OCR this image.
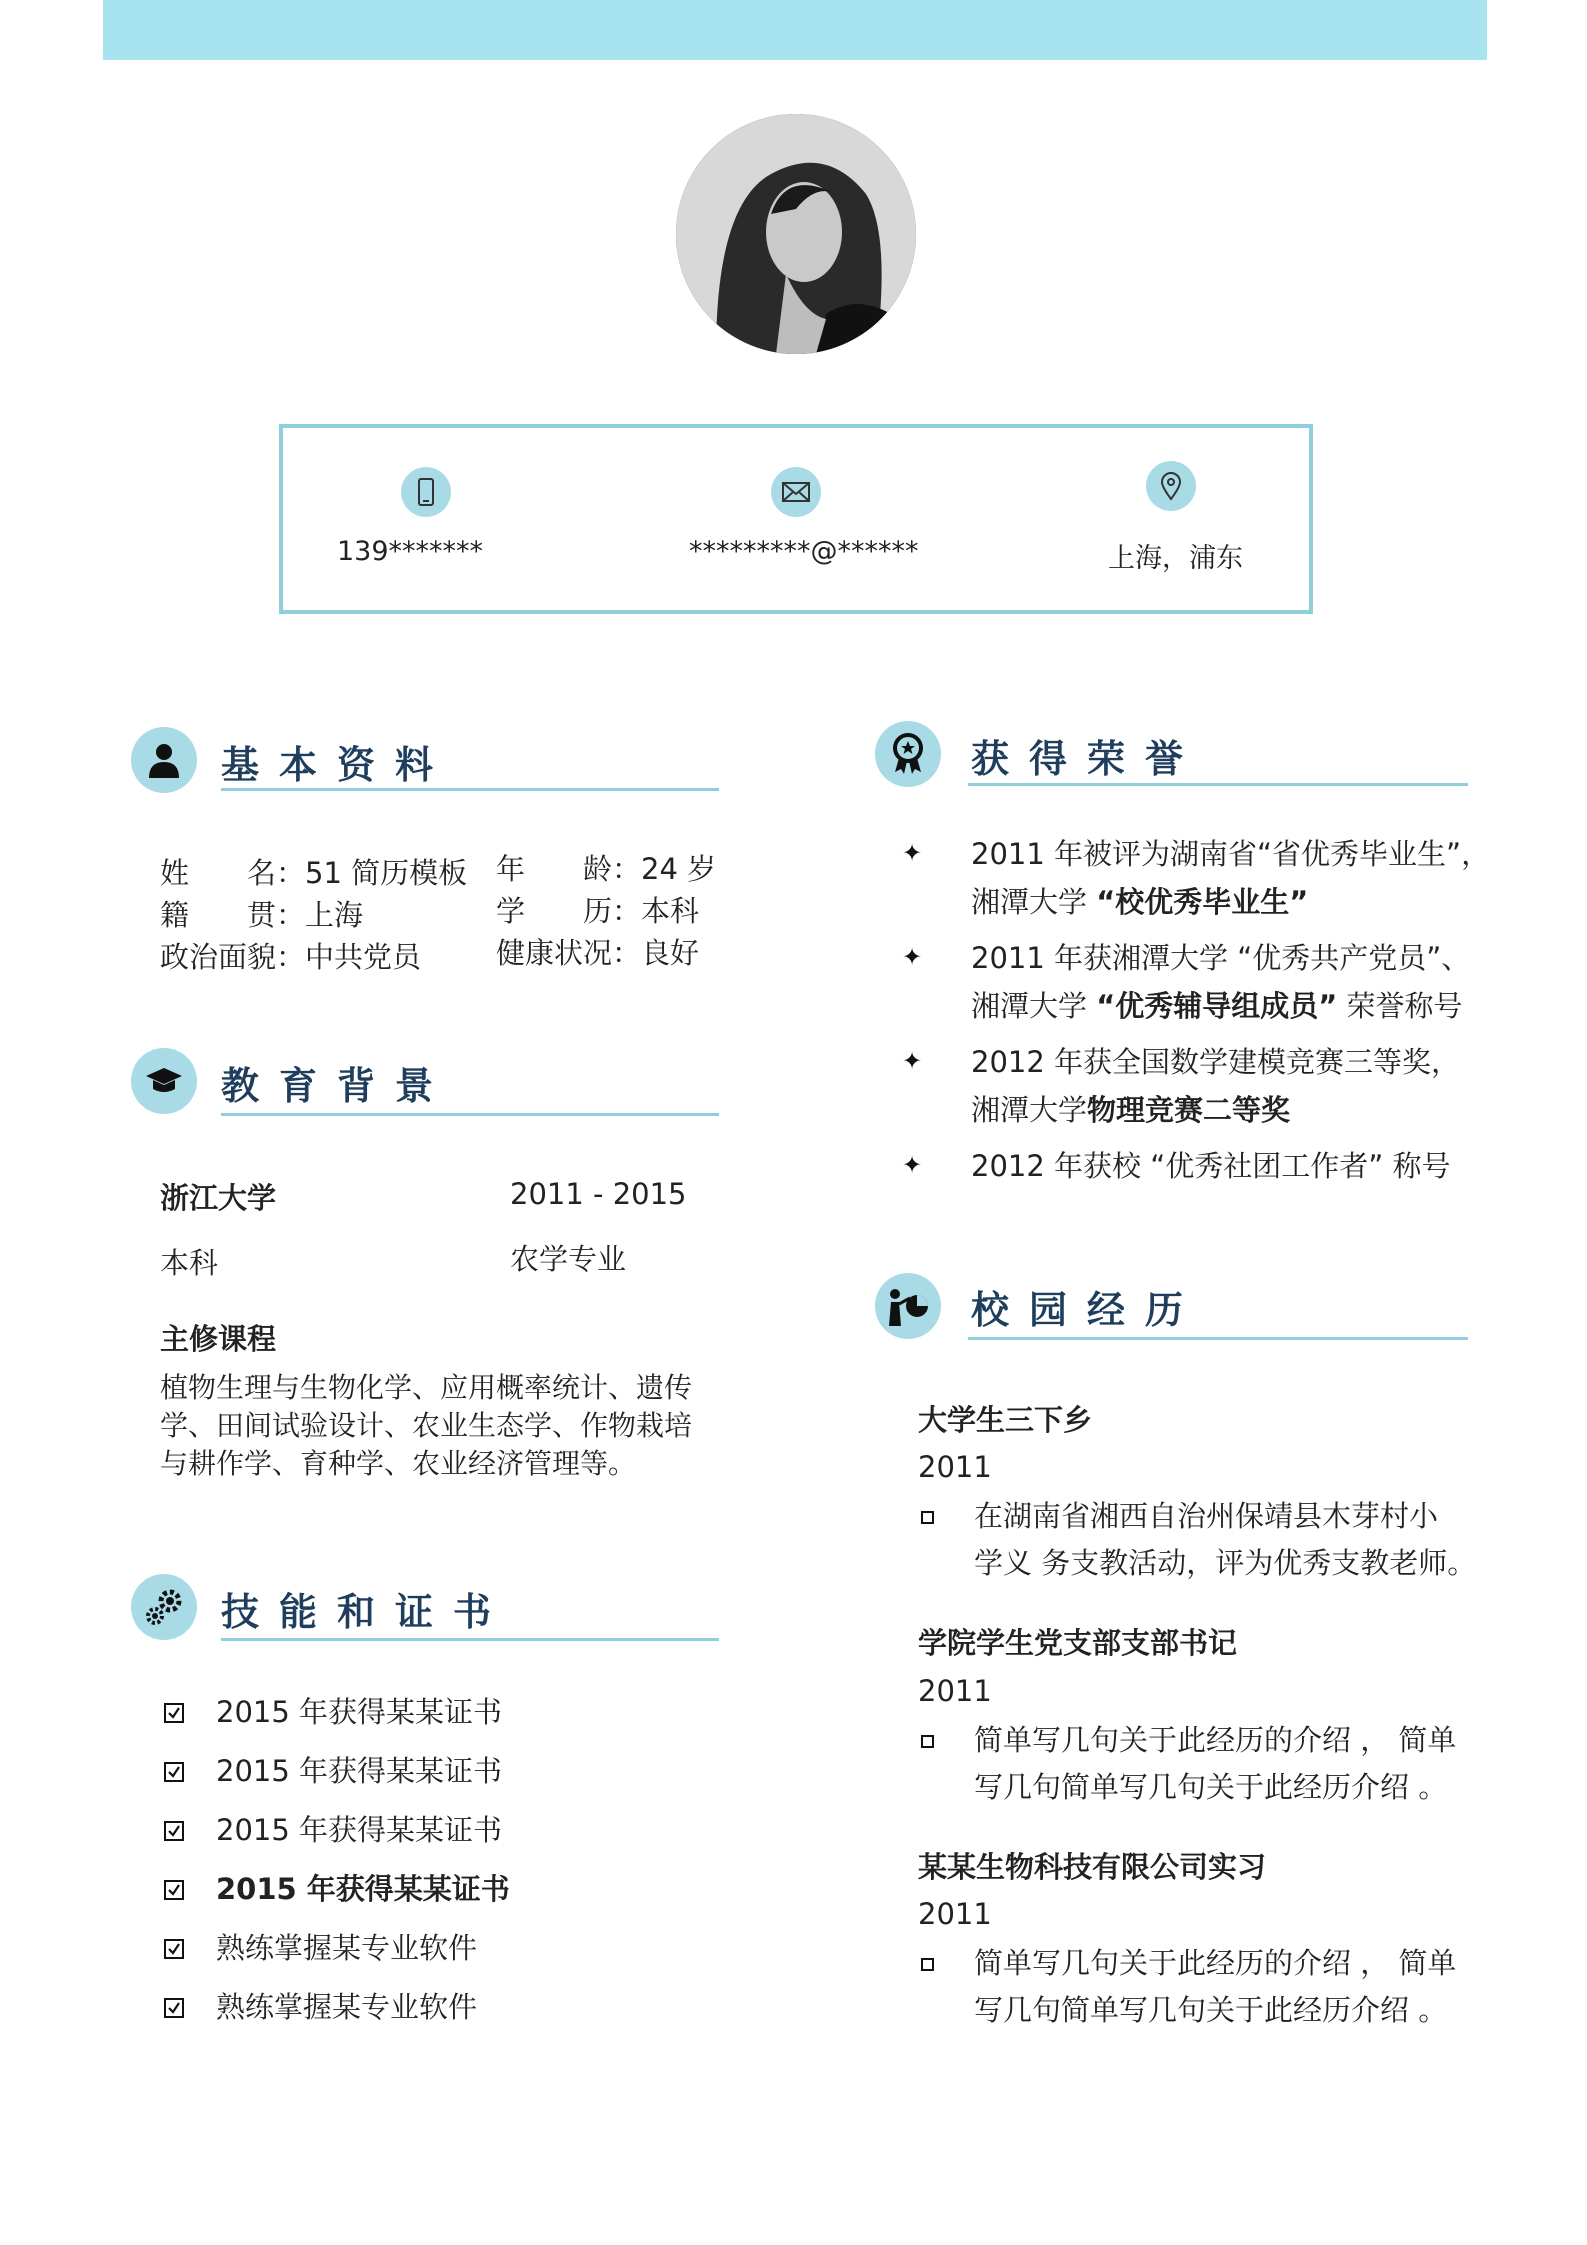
139*******	*********@******	上海，浦东
基本资料
姓　　名：51 简历模板 年　　龄：24 岁
籍　　贯：上海	学　　历：本科
政治面貌：中共党员	健康状况：良好
教育背景
浙江大学	2011 - 2015
本科	农学专业
主修课程
植物生理与生物化学、应用概率统计、遗传
学、田间试验设计、农业生态学、作物栽培
与耕作学、育种学、农业经济管理等。
技能和证书
2015 年获得某某证书
2015 年获得某某证书
2015 年获得某某证书
2015 年获得某某证书
熟练掌握某专业软件
熟练掌握某专业软件
获得荣誉
✦ 2011 年被评为湖南省“省优秀毕业生”，
湘潭大学 “校优秀毕业生”
✦ 2011 年获湘潭大学 “优秀共产党员”、
湘潭大学 “优秀辅导组成员” 荣誉称号
✦ 2012 年获全国数学建模竞赛三等奖，
湘潭大学物理竞赛二等奖
✦ 2012 年获校 “优秀社团工作者” 称号
校园经历
大学生三下乡
2011
在湖南省湘西自治州保靖县木芽村小
学义 务支教活动，评为优秀支教老师。
学院学生党支部支部书记
2011
简单写几句关于此经历的介绍 ， 简单
写几句简单写几句关于此经历介绍 。
某某生物科技有限公司实习
2011
简单写几句关于此经历的介绍 ， 简单
写几句简单写几句关于此经历介绍 。
